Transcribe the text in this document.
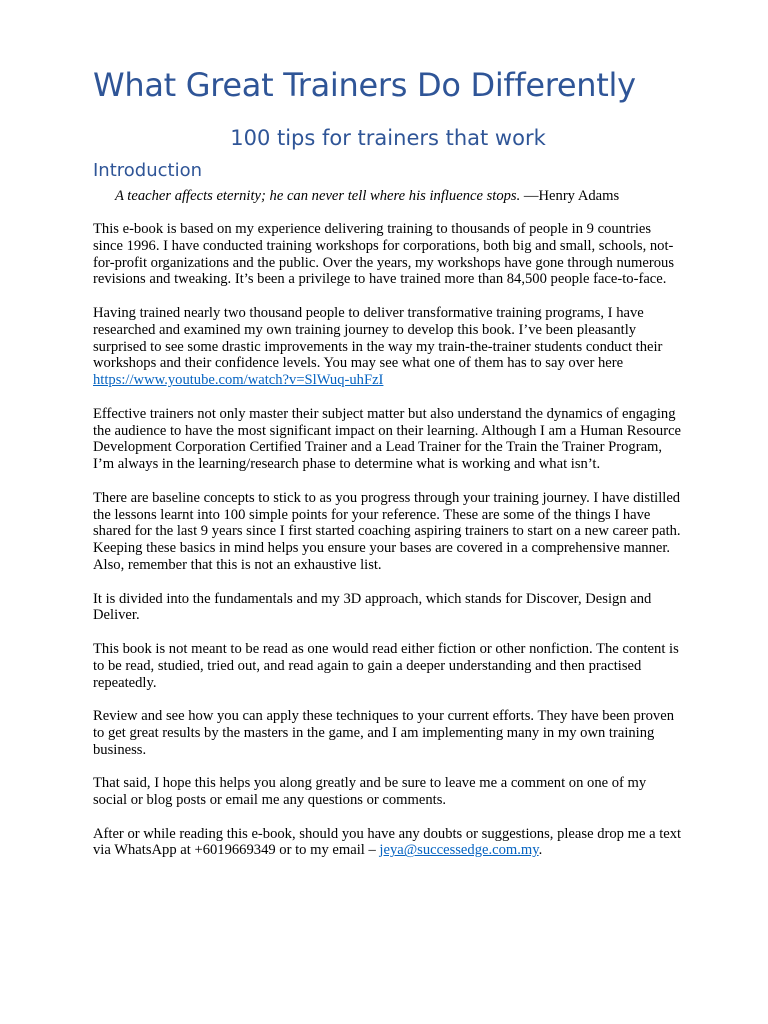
What Great Trainers Do Differently
100 tips for trainers that work
Introduction
A teacher affects eternity; he can never tell where his influence stops. —Henry Adams

This e-book is based on my experience delivering training to thousands of people in 9 countries since 1996. I have conducted training workshops for corporations, both big and small, schools, not-for-profit organizations and the public. Over the years, my workshops have gone through numerous revisions and tweaking. It’s been a privilege to have trained more than 84,500 people face-to-face.

Having trained nearly two thousand people to deliver transformative training programs, I have researched and examined my own training journey to develop this book. I’ve been pleasantly surprised to see some drastic improvements in the way my train-the-trainer students conduct their workshops and their confidence levels. You may see what one of them has to say over here https://www.youtube.com/watch?v=SlWuq-uhFzI

Effective trainers not only master their subject matter but also understand the dynamics of engaging the audience to have the most significant impact on their learning. Although I am a Human Resource Development Corporation Certified Trainer and a Lead Trainer for the Train the Trainer Program, I’m always in the learning/research phase to determine what is working and what isn’t.

There are baseline concepts to stick to as you progress through your training journey. I have distilled the lessons learnt into 100 simple points for your reference. These are some of the things I have shared for the last 9 years since I first started coaching aspiring trainers to start on a new career path. Keeping these basics in mind helps you ensure your bases are covered in a comprehensive manner. Also, remember that this is not an exhaustive list.

It is divided into the fundamentals and my 3D approach, which stands for Discover, Design and Deliver.

This book is not meant to be read as one would read either fiction or other nonfiction. The content is to be read, studied, tried out, and read again to gain a deeper understanding and then practised repeatedly.

Review and see how you can apply these techniques to your current efforts. They have been proven to get great results by the masters in the game, and I am implementing many in my own training business.

That said, I hope this helps you along greatly and be sure to leave me a comment on one of my social or blog posts or email me any questions or comments.

After or while reading this e-book, should you have any doubts or suggestions, please drop me a text via WhatsApp at +6019669349 or to my email – jeya@successedge.com.my.
